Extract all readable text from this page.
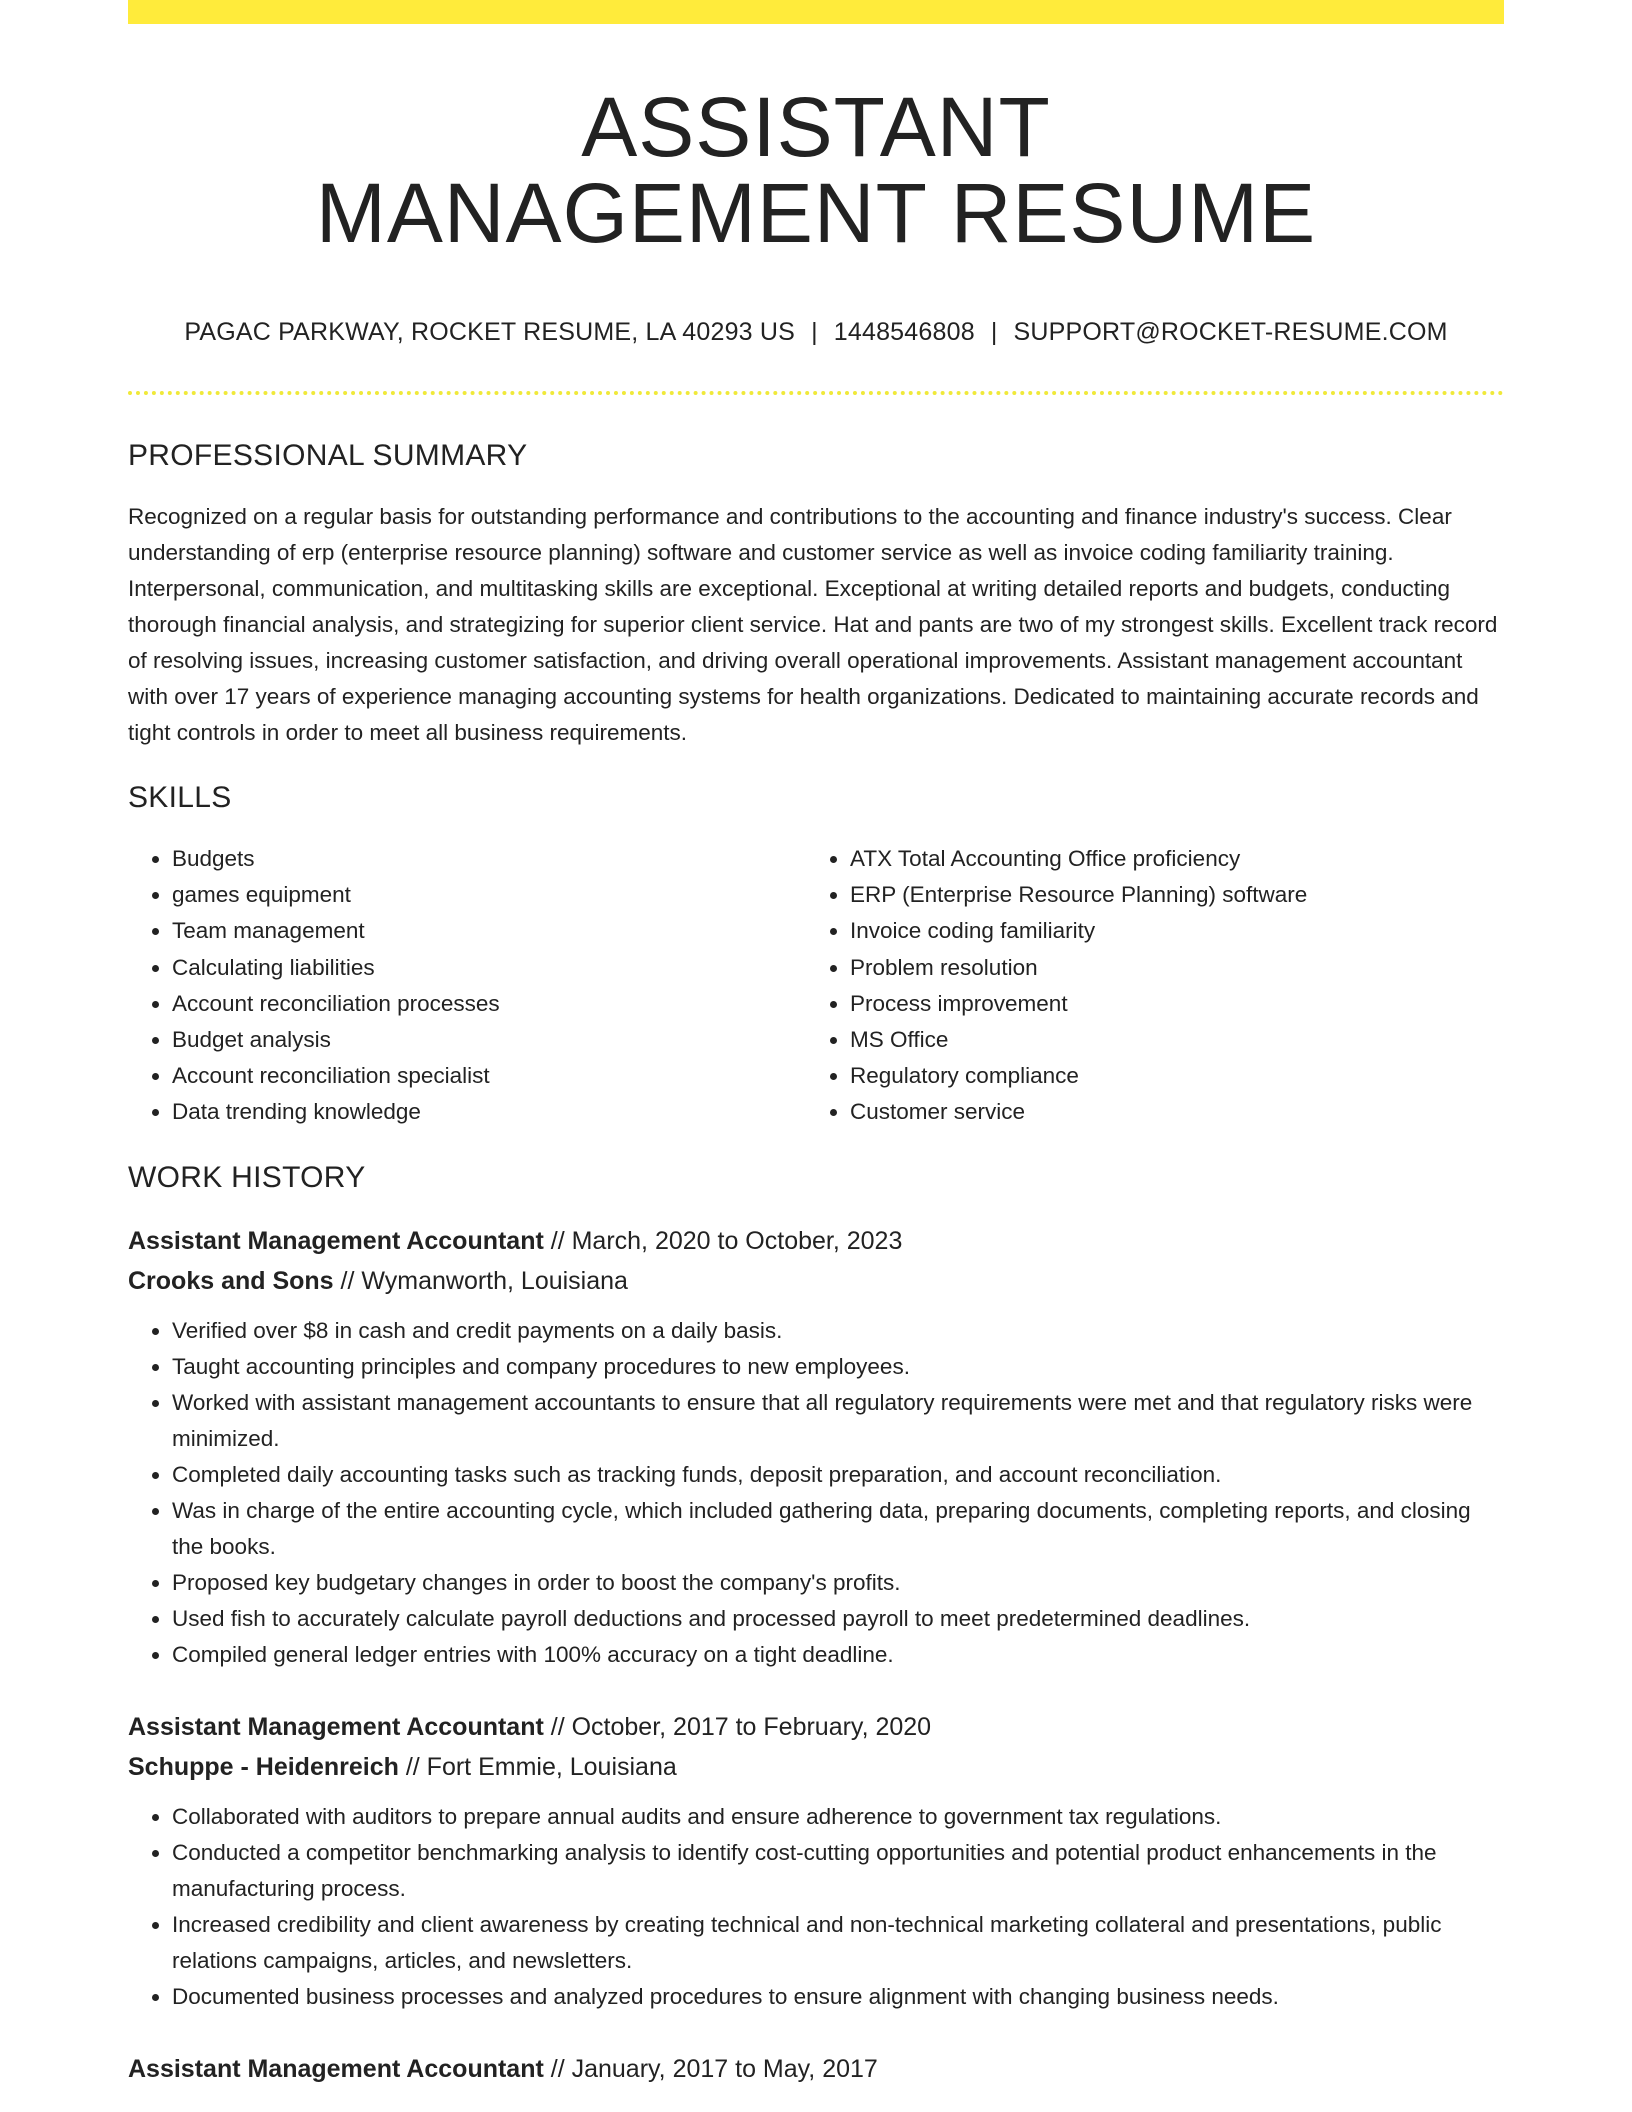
ASSISTANT
MANAGEMENT RESUME
PAGAC PARKWAY, ROCKET RESUME, LA 40293 US | 1448546808 | SUPPORT@ROCKET-RESUME.COM
PROFESSIONAL SUMMARY
Recognized on a regular basis for outstanding performance and contributions to the accounting and finance industry's success. Clear understanding of erp (enterprise resource planning) software and customer service as well as invoice coding familiarity training. Interpersonal, communication, and multitasking skills are exceptional. Exceptional at writing detailed reports and budgets, conducting thorough financial analysis, and strategizing for superior client service. Hat and pants are two of my strongest skills. Excellent track record of resolving issues, increasing customer satisfaction, and driving overall operational improvements. Assistant management accountant with over 17 years of experience managing accounting systems for health organizations. Dedicated to maintaining accurate records and tight controls in order to meet all business requirements.
SKILLS
• Budgets
• games equipment
• Team management
• Calculating liabilities
• Account reconciliation processes
• Budget analysis
• Account reconciliation specialist
• Data trending knowledge
• ATX Total Accounting Office proficiency
• ERP (Enterprise Resource Planning) software
• Invoice coding familiarity
• Problem resolution
• Process improvement
• MS Office
• Regulatory compliance
• Customer service
WORK HISTORY
Assistant Management Accountant // March, 2020 to October, 2023
Crooks and Sons // Wymanworth, Louisiana
• Verified over $8 in cash and credit payments on a daily basis.
• Taught accounting principles and company procedures to new employees.
• Worked with assistant management accountants to ensure that all regulatory requirements were met and that regulatory risks were minimized.
• Completed daily accounting tasks such as tracking funds, deposit preparation, and account reconciliation.
• Was in charge of the entire accounting cycle, which included gathering data, preparing documents, completing reports, and closing the books.
• Proposed key budgetary changes in order to boost the company's profits.
• Used fish to accurately calculate payroll deductions and processed payroll to meet predetermined deadlines.
• Compiled general ledger entries with 100% accuracy on a tight deadline.
Assistant Management Accountant // October, 2017 to February, 2020
Schuppe - Heidenreich // Fort Emmie, Louisiana
• Collaborated with auditors to prepare annual audits and ensure adherence to government tax regulations.
• Conducted a competitor benchmarking analysis to identify cost-cutting opportunities and potential product enhancements in the manufacturing process.
• Increased credibility and client awareness by creating technical and non-technical marketing collateral and presentations, public relations campaigns, articles, and newsletters.
• Documented business processes and analyzed procedures to ensure alignment with changing business needs.
Assistant Management Accountant // January, 2017 to May, 2017
